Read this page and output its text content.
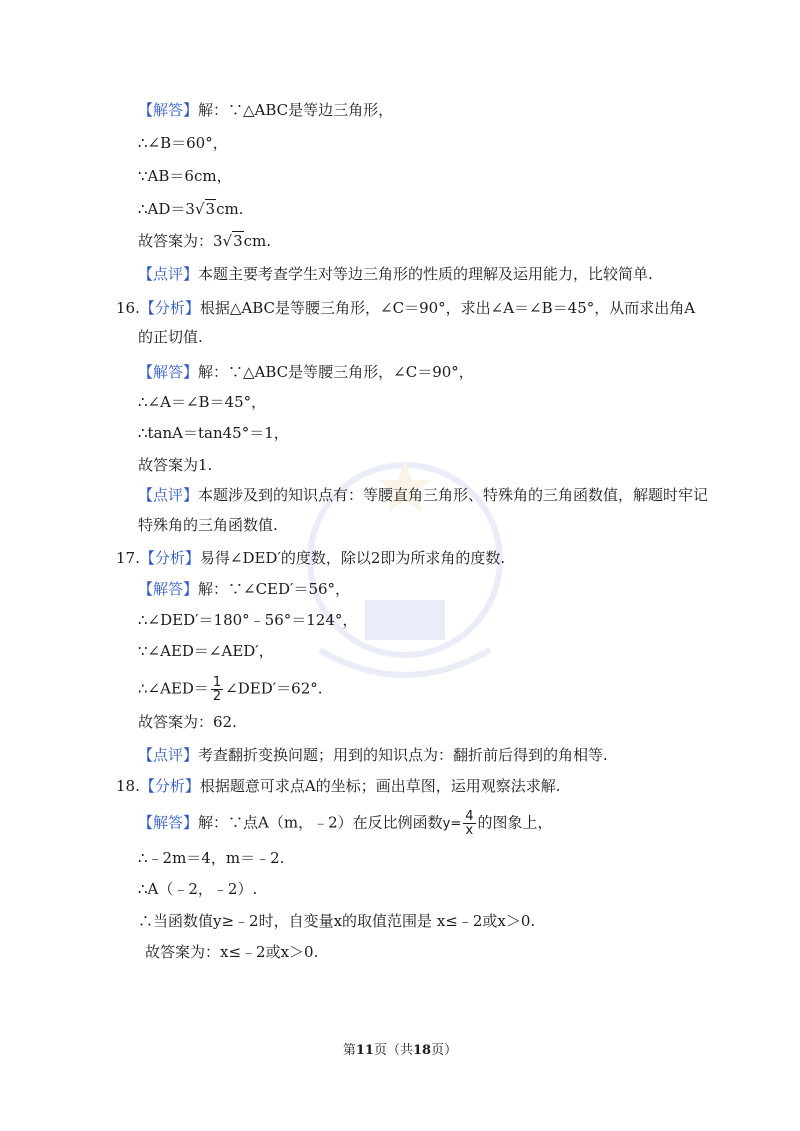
【解答】解：∵△ABC是等边三角形，
∴∠B＝60°，
∵AB＝6cm，
∴AD＝3√3cm.
故答案为：3√3cm.
【点评】本题主要考查学生对等边三角形的性质的理解及运用能力，比较简单.
16.【分析】根据△ABC是等腰三角形，∠C＝90°，求出∠A＝∠B＝45°，从而求出角A
的正切值.
【解答】解：∵△ABC是等腰三角形，∠C＝90°，
∴∠A＝∠B＝45°，
∴tanA＝tan45°＝1，
故答案为1.
【点评】本题涉及到的知识点有：等腰直角三角形、特殊角的三角函数值，解题时牢记
特殊角的三角函数值.
17.【分析】易得∠DED′的度数，除以2即为所求角的度数.
【解答】解：∵∠CED′＝56°，
∴∠DED′＝180°﹣56°＝124°，
∵∠AED＝∠AED′，
∴∠AED＝ $\frac{1}{2}$ ∠DED′＝62°.
故答案为：62.
【点评】考查翻折变换问题；用到的知识点为：翻折前后得到的角相等.
18.【分析】根据题意可求点A的坐标；画出草图，运用观察法求解.
【解答】解：∵点A（m，﹣2）在反比例函数$y= \frac{4}{x}$ 的图象上，
∴﹣2m＝4，m＝﹣2.
∴A（﹣2，﹣2）.
∴当函数值y≥﹣2时，自变量x的取值范围是 x≤﹣2或x＞0.
故答案为：x≤﹣2或x＞0.
第11页（共18页）
